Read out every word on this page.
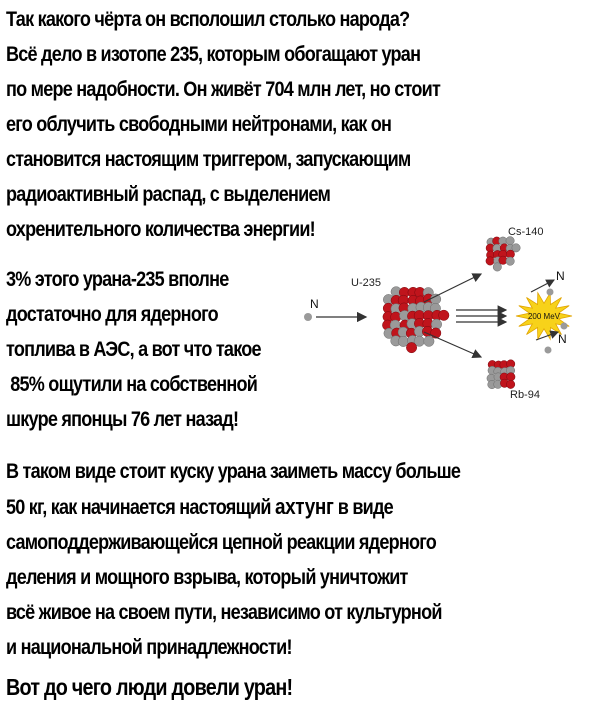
Так какого чёрта он всполошил столько народа?
Всё дело в изотопе 235, которым обогащают уран
по мере надобности. Он живёт 704 млн лет, но стоит
его облучить свободными нейтронами, как он
становится настоящим триггером, запускающим
радиоактивный распад, с выделением
охренительного количества энергии!
3% этого урана-235 вполне
достаточно для ядерного
топлива в АЭС, а вот что такое
85% ощутили на собственной
шкуре японцы 76 лет назад!
В таком виде стоит куску урана заиметь массу больше
50 кг, как начинается настоящий ахтунг в виде
самоподдерживающейся цепной реакции ядерного
деления и мощного взрыва, который уничтожит
всё живое на своем пути, независимо от культурной
и национальной принадлежности!
Вот до чего люди довели уран!
N
U-235
Cs-140
Rb-94
200 MeV
N
N
